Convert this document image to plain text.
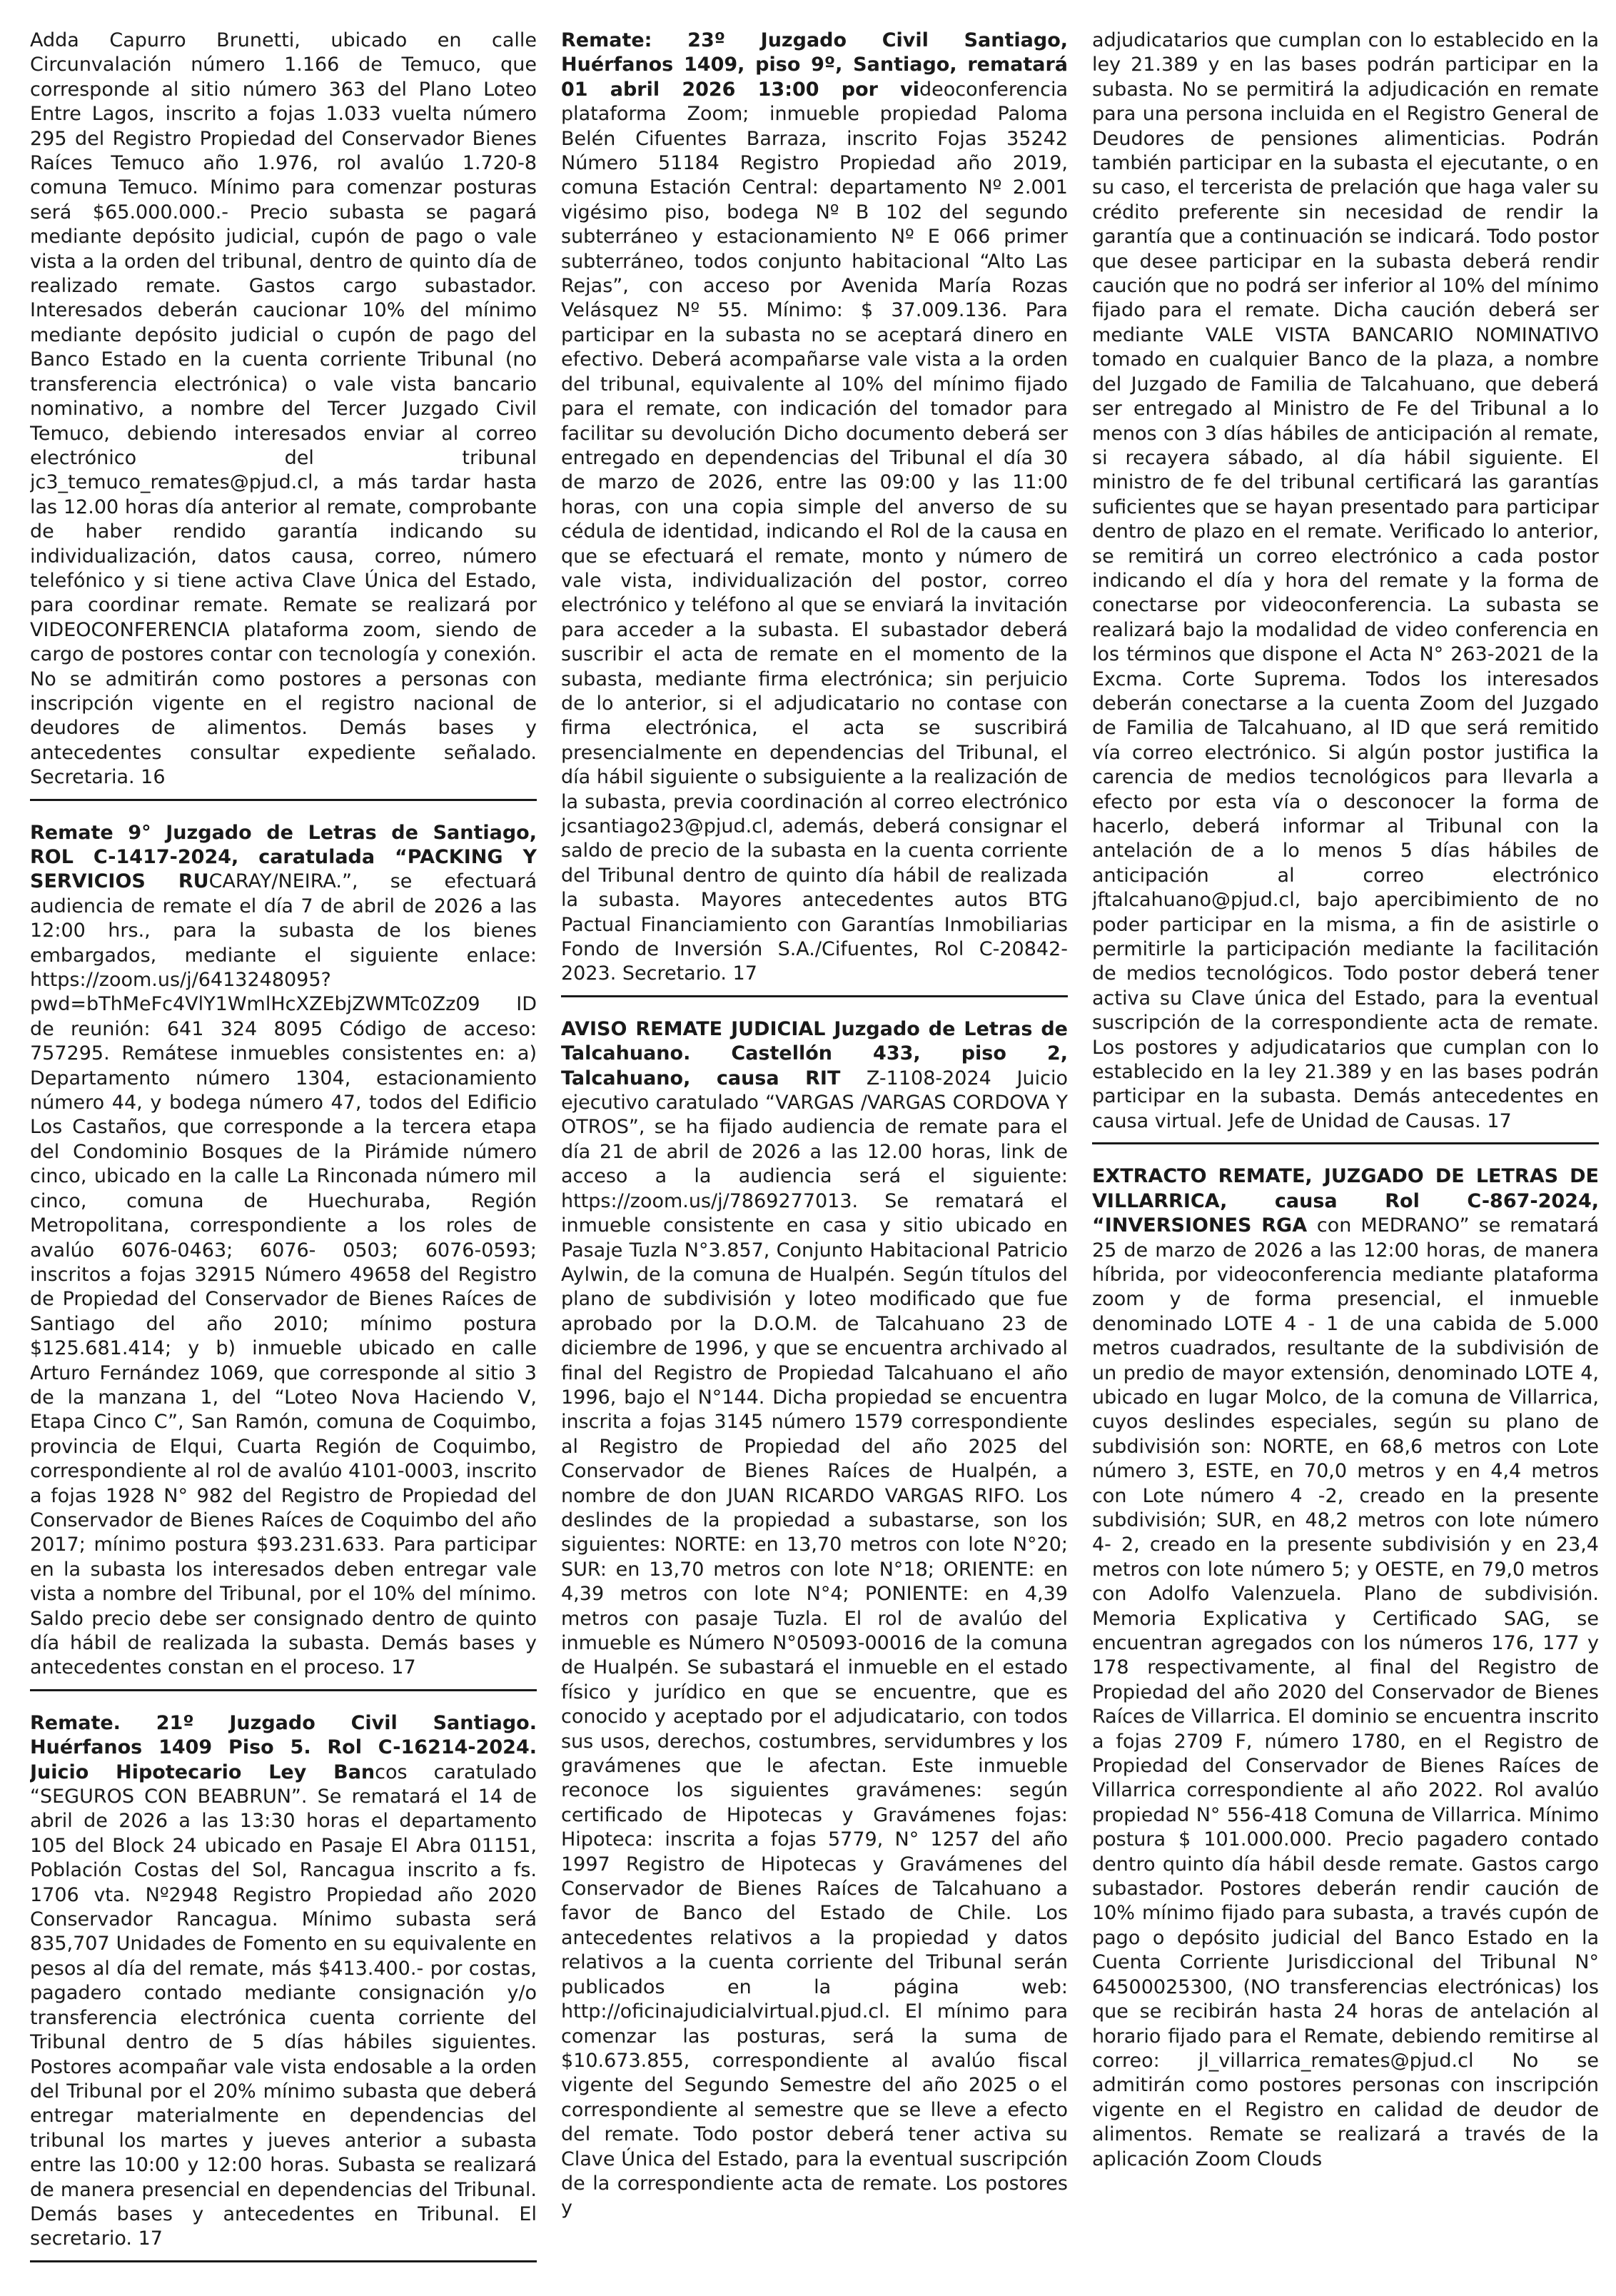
Adda Capurro Brunetti, ubicado en calle Circunvalación número 1.166 de Temuco, que corresponde al sitio número 363 del Plano Loteo Entre Lagos, inscrito a fojas 1.033 vuelta número 295 del Registro Propiedad del Conservador Bienes Raíces Temuco año 1.976, rol avalúo 1.720-8 comuna Temuco. Mínimo para comenzar posturas será $65.000.000.- Precio subasta se pagará mediante depósito judicial, cupón de pago o vale vista a la orden del tribunal, dentro de quinto día de realizado remate. Gastos cargo subastador. Interesados deberán caucionar 10% del mínimo mediante depósito judicial o cupón de pago del Banco Estado en la cuenta corriente Tribunal (no transferencia electrónica) o vale vista bancario nominativo, a nombre del Tercer Juzgado Civil Temuco, debiendo interesados enviar al correo electrónico del tribunal jc3_temuco_remates@pjud.cl, a más tardar hasta las 12.00 horas día anterior al remate, comprobante de haber rendido garantía indicando su individualización, datos causa, correo, número telefónico y si tiene activa Clave Única del Estado, para coordinar remate. Remate se realizará por VIDEOCONFERENCIA plataforma zoom, siendo de cargo de postores contar con tecnología y conexión. No se admitirán como postores a personas con inscripción vigente en el registro nacional de deudores de alimentos. Demás bases y antecedentes consultar expediente señalado. Secretaria. 16

Remate 9° Juzgado de Letras de Santiago, ROL C-1417-2024, caratulada “PACKING Y SERVICIOS RUCARAY/NEIRA.”, se efectuará audiencia de remate el día 7 de abril de 2026 a las 12:00 hrs., para la subasta de los bienes embargados, mediante el siguiente enlace: https://zoom.us/j/6413248095?pwd=bThMeFc4VlY1WmlHcXZEbjZWMTc0Zz09 ID de reunión: 641 324 8095 Código de acceso: 757295. Remátese inmuebles consistentes en: a) Departamento número 1304, estacionamiento número 44, y bodega número 47, todos del Edificio Los Castaños, que corresponde a la tercera etapa del Condominio Bosques de la Pirámide número cinco, ubicado en la calle La Rinconada número mil cinco, comuna de Huechuraba, Región Metropolitana, correspondiente a los roles de avalúo 6076-0463; 6076- 0503; 6076-0593; inscritos a fojas 32915 Número 49658 del Registro de Propiedad del Conservador de Bienes Raíces de Santiago del año 2010; mínimo postura $125.681.414; y b) inmueble ubicado en calle Arturo Fernández 1069, que corresponde al sitio 3 de la manzana 1, del “Loteo Nova Haciendo V, Etapa Cinco C”, San Ramón, comuna de Coquimbo, provincia de Elqui, Cuarta Región de Coquimbo, correspondiente al rol de avalúo 4101-0003, inscrito a fojas 1928 N° 982 del Registro de Propiedad del Conservador de Bienes Raíces de Coquimbo del año 2017; mínimo postura $93.231.633. Para participar en la subasta los interesados deben entregar vale vista a nombre del Tribunal, por el 10% del mínimo. Saldo precio debe ser consignado dentro de quinto día hábil de realizada la subasta. Demás bases y antecedentes constan en el proceso. 17

Remate. 21º Juzgado Civil Santiago. Huérfanos 1409 Piso 5. Rol C-16214-2024. Juicio Hipotecario Ley Bancos caratulado “SEGUROS CON BEABRUN”. Se rematará el 14 de abril de 2026 a las 13:30 horas el departamento 105 del Block 24 ubicado en Pasaje El Abra 01151, Población Costas del Sol, Rancagua inscrito a fs. 1706 vta. Nº2948 Registro Propiedad año 2020 Conservador Rancagua. Mínimo subasta será 835,707 Unidades de Fomento en su equivalente en pesos al día del remate, más $413.400.- por costas, pagadero contado mediante consignación y/o transferencia electrónica cuenta corriente del Tribunal dentro de 5 días hábiles siguientes. Postores acompañar vale vista endosable a la orden del Tribunal por el 20% mínimo subasta que deberá entregar materialmente en dependencias del tribunal los martes y jueves anterior a subasta entre las 10:00 y 12:00 horas. Subasta se realizará de manera presencial en dependencias del Tribunal. Demás bases y antecedentes en Tribunal. El secretario. 17

Remate: 23º Juzgado Civil Santiago, Huérfanos 1409, piso 9º, Santiago, rematará 01 abril 2026 13:00 por videoconferencia plataforma Zoom; inmueble propiedad Paloma Belén Cifuentes Barraza, inscrito Fojas 35242 Número 51184 Registro Propiedad año 2019, comuna Estación Central: departamento Nº 2.001 vigésimo piso, bodega Nº B 102 del segundo subterráneo y estacionamiento Nº E 066 primer subterráneo, todos conjunto habitacional “Alto Las Rejas”, con acceso por Avenida María Rozas Velásquez Nº 55. Mínimo: $ 37.009.136. Para participar en la subasta no se aceptará dinero en efectivo. Deberá acompañarse vale vista a la orden del tribunal, equivalente al 10% del mínimo fijado para el remate, con indicación del tomador para facilitar su devolución Dicho documento deberá ser entregado en dependencias del Tribunal el día 30 de marzo de 2026, entre las 09:00 y las 11:00 horas, con una copia simple del anverso de su cédula de identidad, indicando el Rol de la causa en que se efectuará el remate, monto y número de vale vista, individualización del postor, correo electrónico y teléfono al que se enviará la invitación para acceder a la subasta. El subastador deberá suscribir el acta de remate en el momento de la subasta, mediante firma electrónica; sin perjuicio de lo anterior, si el adjudicatario no contase con firma electrónica, el acta se suscribirá presencialmente en dependencias del Tribunal, el día hábil siguiente o subsiguiente a la realización de la subasta, previa coordinación al correo electrónico jcsantiago23@pjud.cl, además, deberá consignar el saldo de precio de la subasta en la cuenta corriente del Tribunal dentro de quinto día hábil de realizada la subasta. Mayores antecedentes autos BTG Pactual Financiamiento con Garantías Inmobiliarias Fondo de Inversión S.A./Cifuentes, Rol C-20842-2023. Secretario. 17

AVISO REMATE JUDICIAL Juzgado de Letras de Talcahuano. Castellón 433, piso 2, Talcahuano, causa RIT Z-1108-2024 Juicio ejecutivo caratulado “VARGAS /VARGAS CORDOVA Y OTROS”, se ha fijado audiencia de remate para el día 21 de abril de 2026 a las 12.00 horas, link de acceso a la audiencia será el siguiente: https://zoom.us/j/7869277013. Se rematará el inmueble consistente en casa y sitio ubicado en Pasaje Tuzla N°3.857, Conjunto Habitacional Patricio Aylwin, de la comuna de Hualpén. Según títulos del plano de subdivisión y loteo modificado que fue aprobado por la D.O.M. de Talcahuano 23 de diciembre de 1996, y que se encuentra archivado al final del Registro de Propiedad Talcahuano el año 1996, bajo el N°144. Dicha propiedad se encuentra inscrita a fojas 3145 número 1579 correspondiente al Registro de Propiedad del año 2025 del Conservador de Bienes Raíces de Hualpén, a nombre de don JUAN RICARDO VARGAS RIFO. Los deslindes de la propiedad a subastarse, son los siguientes: NORTE: en 13,70 metros con lote N°20; SUR: en 13,70 metros con lote N°18; ORIENTE: en 4,39 metros con lote N°4; PONIENTE: en 4,39 metros con pasaje Tuzla. El rol de avalúo del inmueble es Número N°05093-00016 de la comuna de Hualpén. Se subastará el inmueble en el estado físico y jurídico en que se encuentre, que es conocido y aceptado por el adjudicatario, con todos sus usos, derechos, costumbres, servidumbres y los gravámenes que le afectan. Este inmueble reconoce los siguientes gravámenes: según certificado de Hipotecas y Gravámenes fojas: Hipoteca: inscrita a fojas 5779, N° 1257 del año 1997 Registro de Hipotecas y Gravámenes del Conservador de Bienes Raíces de Talcahuano a favor de Banco del Estado de Chile. Los antecedentes relativos a la propiedad y datos relativos a la cuenta corriente del Tribunal serán publicados en la página web: http://oficinajudicialvirtual.pjud.cl. El mínimo para comenzar las posturas, será la suma de $10.673.855, correspondiente al avalúo fiscal vigente del Segundo Semestre del año 2025 o el correspondiente al semestre que se lleve a efecto del remate. Todo postor deberá tener activa su Clave Única del Estado, para la eventual suscripción de la correspondiente acta de remate. Los postores y

adjudicatarios que cumplan con lo establecido en la ley 21.389 y en las bases podrán participar en la subasta. No se permitirá la adjudicación en remate para una persona incluida en el Registro General de Deudores de pensiones alimenticias. Podrán también participar en la subasta el ejecutante, o en su caso, el tercerista de prelación que haga valer su crédito preferente sin necesidad de rendir la garantía que a continuación se indicará. Todo postor que desee participar en la subasta deberá rendir caución que no podrá ser inferior al 10% del mínimo fijado para el remate. Dicha caución deberá ser mediante VALE VISTA BANCARIO NOMINATIVO tomado en cualquier Banco de la plaza, a nombre del Juzgado de Familia de Talcahuano, que deberá ser entregado al Ministro de Fe del Tribunal a lo menos con 3 días hábiles de anticipación al remate, si recayera sábado, al día hábil siguiente. El ministro de fe del tribunal certificará las garantías suficientes que se hayan presentado para participar dentro de plazo en el remate. Verificado lo anterior, se remitirá un correo electrónico a cada postor indicando el día y hora del remate y la forma de conectarse por videoconferencia. La subasta se realizará bajo la modalidad de video conferencia en los términos que dispone el Acta N° 263-2021 de la Excma. Corte Suprema. Todos los interesados deberán conectarse a la cuenta Zoom del Juzgado de Familia de Talcahuano, al ID que será remitido vía correo electrónico. Si algún postor justifica la carencia de medios tecnológicos para llevarla a efecto por esta vía o desconocer la forma de hacerlo, deberá informar al Tribunal con la antelación de a lo menos 5 días hábiles de anticipación al correo electrónico jftalcahuano@pjud.cl, bajo apercibimiento de no poder participar en la misma, a fin de asistirle o permitirle la participación mediante la facilitación de medios tecnológicos. Todo postor deberá tener activa su Clave única del Estado, para la eventual suscripción de la correspondiente acta de remate. Los postores y adjudicatarios que cumplan con lo establecido en la ley 21.389 y en las bases podrán participar en la subasta. Demás antecedentes en causa virtual. Jefe de Unidad de Causas. 17

EXTRACTO REMATE, JUZGADO DE LETRAS DE VILLARRICA, causa Rol C-867-2024, “INVERSIONES RGA con MEDRANO” se rematará 25 de marzo de 2026 a las 12:00 horas, de manera híbrida, por videoconferencia mediante plataforma zoom y de forma presencial, el inmueble denominado LOTE 4 - 1 de una cabida de 5.000 metros cuadrados, resultante de la subdivisión de un predio de mayor extensión, denominado LOTE 4, ubicado en lugar Molco, de la comuna de Villarrica, cuyos deslindes especiales, según su plano de subdivisión son: NORTE, en 68,6 metros con Lote número 3, ESTE, en 70,0 metros y en 4,4 metros con Lote número 4 -2, creado en la presente subdivisión; SUR, en 48,2 metros con lote número 4- 2, creado en la presente subdivisión y en 23,4 metros con lote número 5; y OESTE, en 79,0 metros con Adolfo Valenzuela. Plano de subdivisión. Memoria Explicativa y Certificado SAG, se encuentran agregados con los números 176, 177 y 178 respectivamente, al final del Registro de Propiedad del año 2020 del Conservador de Bienes Raíces de Villarrica. El dominio se encuentra inscrito a fojas 2709 F, número 1780, en el Registro de Propiedad del Conservador de Bienes Raíces de Villarrica correspondiente al año 2022. Rol avalúo propiedad N° 556-418 Comuna de Villarrica. Mínimo postura $ 101.000.000. Precio pagadero contado dentro quinto día hábil desde remate. Gastos cargo subastador. Postores deberán rendir caución de 10% mínimo fijado para subasta, a través cupón de pago o depósito judicial del Banco Estado en la Cuenta Corriente Jurisdiccional del Tribunal N° 64500025300, (NO transferencias electrónicas) los que se recibirán hasta 24 horas de antelación al horario fijado para el Remate, debiendo remitirse al correo: jl_villarrica_remates@pjud.cl No se admitirán como postores personas con inscripción vigente en el Registro en calidad de deudor de alimentos. Remate se realizará a través de la aplicación Zoom Clouds
